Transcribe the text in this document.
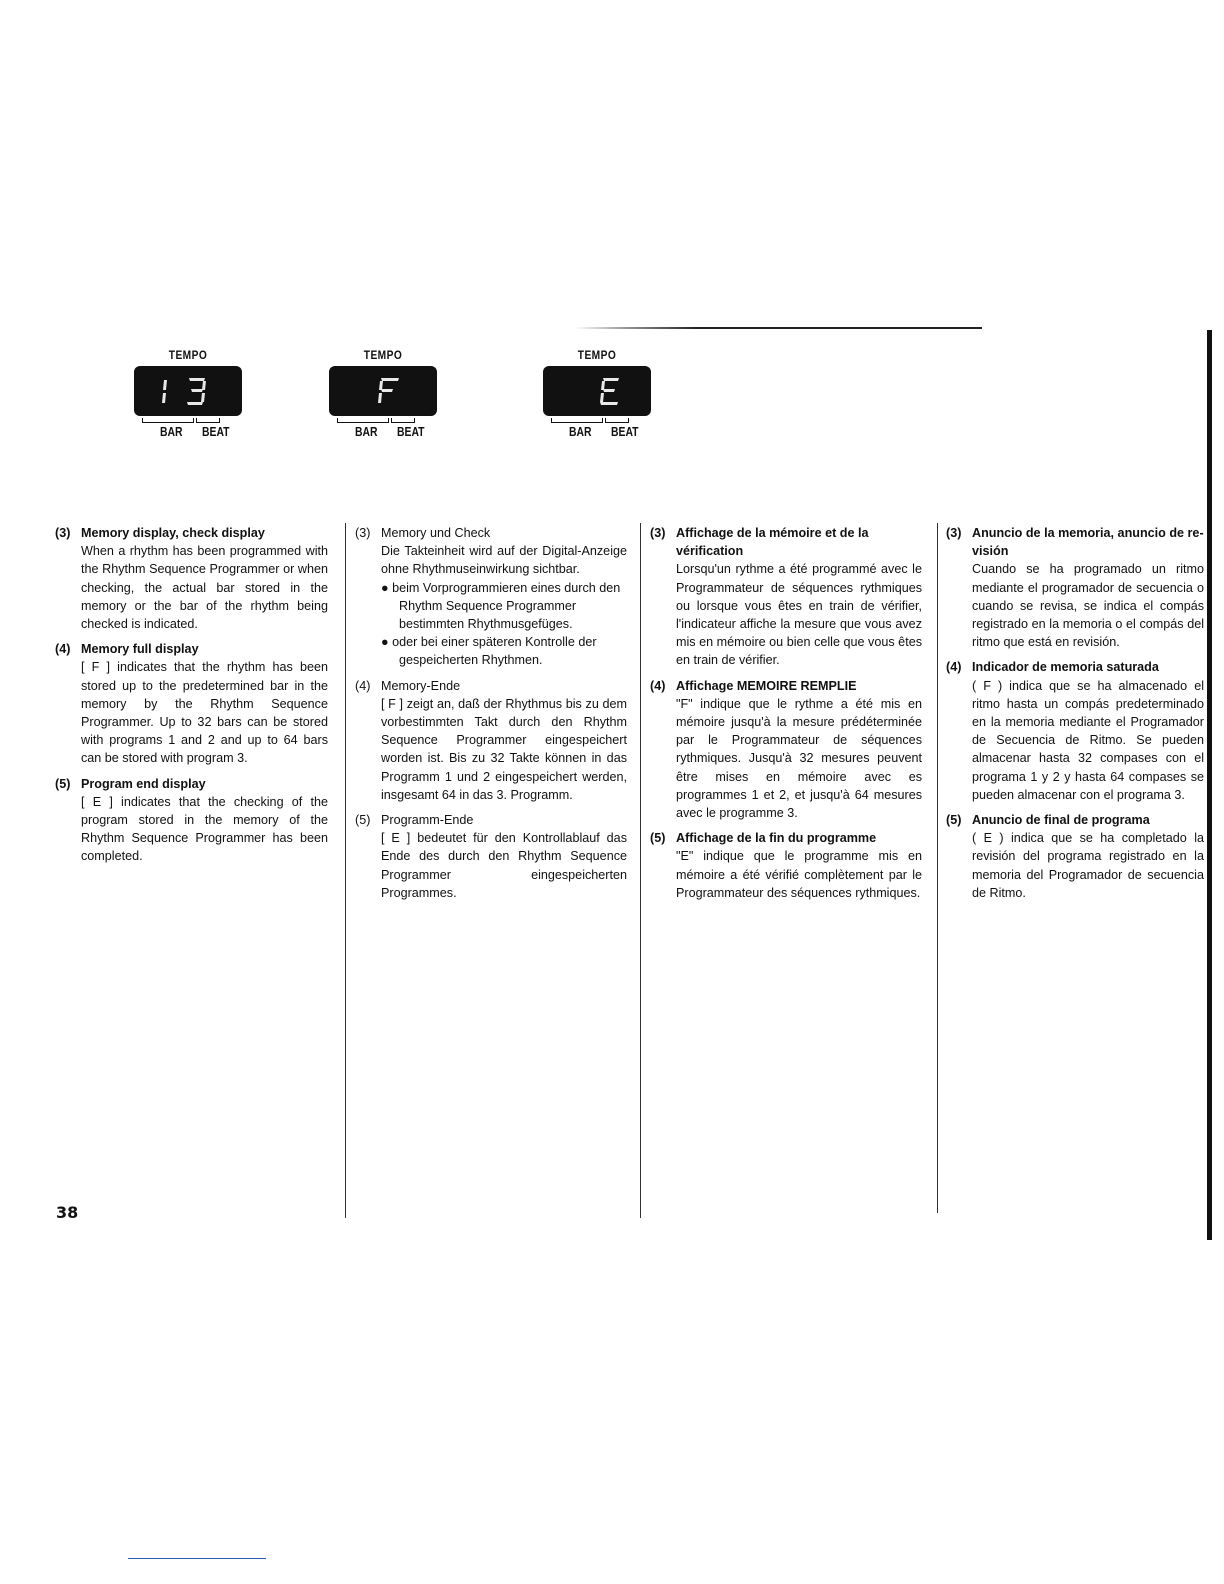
TEMPO
BAR BEAT
TEMPO
BAR BEAT
TEMPO
BAR BEAT
(3) Memory display, check display
When a rhythm has been programmed with the Rhythm Sequence Programmer or when checking, the actual bar stored in the memory or the bar of the rhythm being checked is indicated.
(4) Memory full display
[ F ] indicates that the rhythm has been stored up to the predetermined bar in the memory by the Rhythm Sequence Programmer. Up to 32 bars can be stored with programs 1 and 2 and up to 64 bars can be stored with program 3.
(5) Program end display
[ E ] indicates that the checking of the program stored in the memory of the Rhythm Sequence Programmer has been completed.
(3) Memory und Check
Die Takteinheit wird auf der Digital-Anzeige ohne Rhythmuseinwirkung sichtbar.
● beim Vorprogrammieren eines durch den Rhythm Sequence Programmer bestimmten Rhythmusgefüges.
● oder bei einer späteren Kontrolle der gespeicherten Rhythmen.
(4) Memory-Ende
[ F ] zeigt an, daß der Rhythmus bis zu dem vorbestimmten Takt durch den Rhythm Sequence Programmer eingespeichert worden ist. Bis zu 32 Takte können in das Programm 1 und 2 eingespeichert werden, insgesamt 64 in das 3. Programm.
(5) Programm-Ende
[ E ] bedeutet für den Kontrollablauf das Ende des durch den Rhythm Sequence Programmer eingespeicherten Programmes.
(3) Affichage de la mémoire et de la vérification
Lorsqu'un rythme a été programmé avec le Programmateur de séquences rythmiques ou lorsque vous êtes en train de vérifier, l'indicateur affiche la mesure que vous avez mis en mémoire ou bien celle que vous êtes en train de vérifier.
(4) Affichage MEMOIRE REMPLIE
"F" indique que le rythme a été mis en mémoire jusqu'à la mesure prédéterminée par le Programmateur de séquences rythmiques. Jusqu'à 32 mesures peuvent être mises en mémoire avec es programmes 1 et 2, et jusqu'à 64 mesures avec le programme 3.
(5) Affichage de la fin du programme
"E" indique que le programme mis en mémoire a été vérifié complètement par le Programmateur des séquences rythmiques.
(3) Anuncio de la memoria, anuncio de re-visión
Cuando se ha programado un ritmo mediante el programador de secuencia o cuando se revisa, se indica el compás registrado en la memoria o el compás del ritmo que está en revisión.
(4) Indicador de memoria saturada
( F ) indica que se ha almacenado el ritmo hasta un compás predeterminado en la memoria mediante el Programador de Secuencia de Ritmo. Se pueden almacenar hasta 32 compases con el programa 1 y 2 y hasta 64 compases se pueden almacenar con el programa 3.
(5) Anuncio de final de programa
( E ) indica que se ha completado la revisión del programa registrado en la memoria del Programador de secuencia de Ritmo.
38
